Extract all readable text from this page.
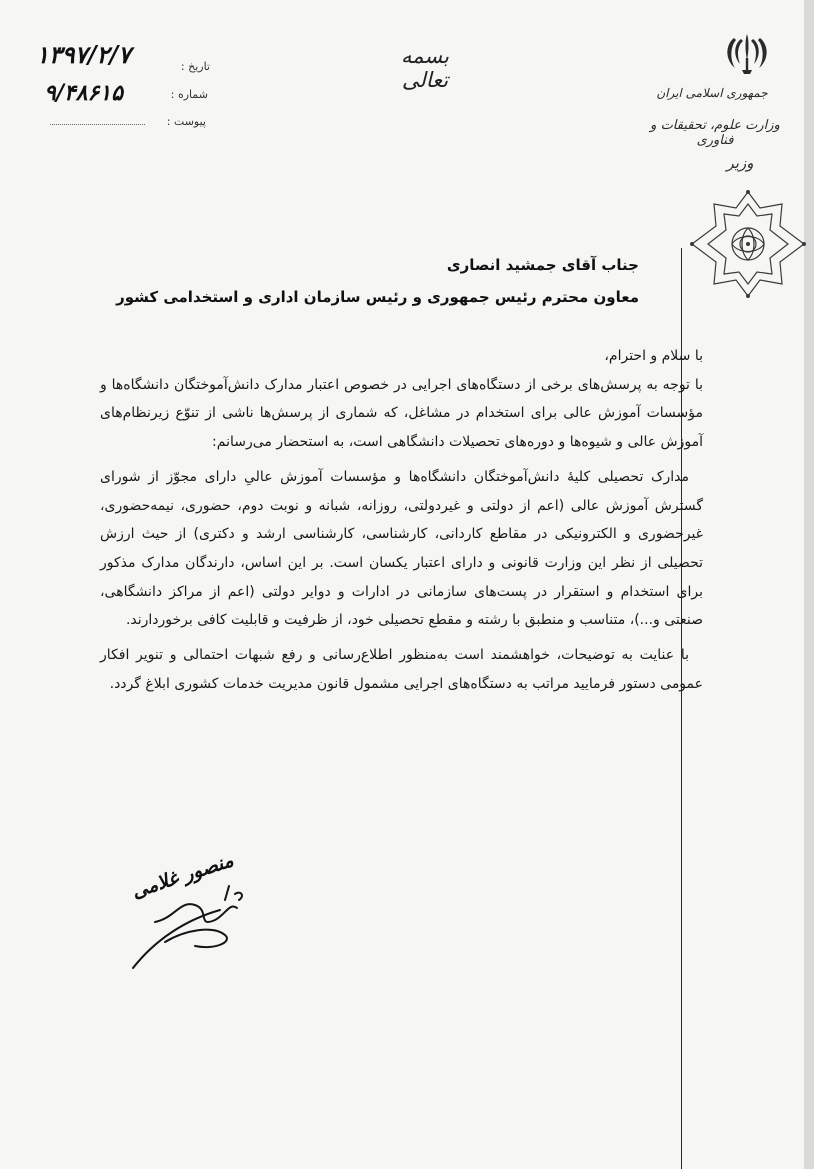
۱۳۹۷/۲/۷	تاریخ :
۹/۴۸۶۱۵	شماره :
پیوست :
بسمه تعالی
جمهوری اسلامی ایران
وزارت علوم، تحقیقات و فناوری
وزیر
جناب آقای جمشید انصاری
معاون محترم رئیس جمهوری و رئیس سازمان اداری و استخدامی کشور

با سلام و احترام،

با توجه به پرسش‌های برخی از دستگاه‌های اجرایی در خصوص اعتبار مدارک دانش‌آموختگان دانشگاه‌ها و مؤسسات آموزش عالی برای استخدام در مشاغل، که شماری از پرسش‌ها ناشی از تنوّع زیرنظام‌های آموزش عالی و شیوه‌ها و دوره‌های تحصیلات دانشگاهی است، به استحضار می‌رسانم:

مدارک تحصیلی کلیهٔ دانش‌آموختگان دانشگاه‌ها و مؤسسات آموزش عالیِ دارای مجوّز از شورای گسترش آموزش عالی (اعم از دولتی و غیردولتی، روزانه، شبانه و نوبت دوم، حضوری، نیمه‌حضوری، غیرحضوری و الکترونیکی در مقاطع کاردانی، کارشناسی، کارشناسی ارشد و دکتری) از حیث ارزش تحصیلی از نظر این وزارت قانونی و دارای اعتبار یکسان است. بر این اساس، دارندگان مدارک مذکور برای استخدام و استقرار در پست‌های سازمانی در ادارات و دوایر دولتی (اعم از مراکز دانشگاهی، صنعتی و...)، متناسب و منطبق با رشته و مقطع تحصیلی خود، از ظرفیت و قابلیت کافی برخوردارند.

با عنایت به توضیحات، خواهشمند است به‌منظور اطلاع‌رسانی و رفع شبهات احتمالی و تنویر افکار عمومی دستور فرمایید مراتب به دستگاه‌های اجرایی مشمول قانون مدیریت خدمات کشوری ابلاغ گردد.

منصور غلامی
